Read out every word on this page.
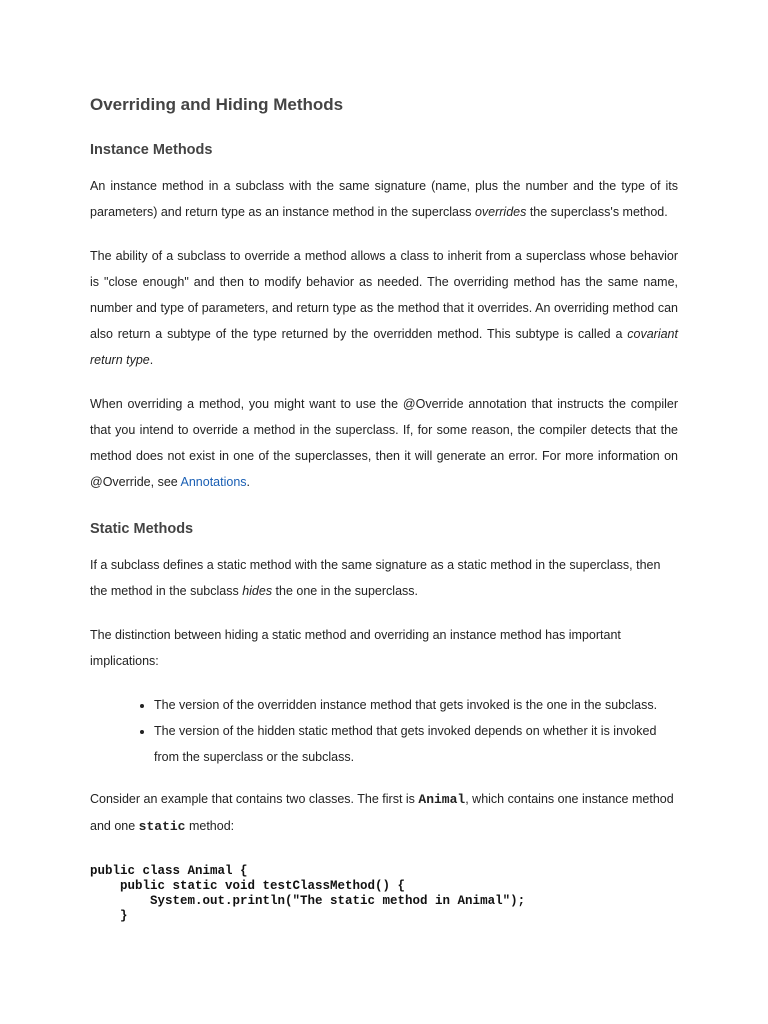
Overriding and Hiding Methods
Instance Methods

An instance method in a subclass with the same signature (name, plus the number and the type of its parameters) and return type as an instance method in the superclass overrides the superclass's method.

The ability of a subclass to override a method allows a class to inherit from a superclass whose behavior is "close enough" and then to modify behavior as needed. The overriding method has the same name, number and type of parameters, and return type as the method that it overrides. An overriding method can also return a subtype of the type returned by the overridden method. This subtype is called a covariant return type.

When overriding a method, you might want to use the @Override annotation that instructs the compiler that you intend to override a method in the superclass. If, for some reason, the compiler detects that the method does not exist in one of the superclasses, then it will generate an error. For more information on @Override, see Annotations.

Static Methods

If a subclass defines a static method with the same signature as a static method in the superclass, then the method in the subclass hides the one in the superclass.

The distinction between hiding a static method and overriding an instance method has important implications:

• The version of the overridden instance method that gets invoked is the one in the subclass.
• The version of the hidden static method that gets invoked depends on whether it is invoked from the superclass or the subclass.

Consider an example that contains two classes. The first is Animal, which contains one instance method and one static method:

public class Animal {
public static void testClassMethod() {
System.out.println("The static method in Animal");
}
